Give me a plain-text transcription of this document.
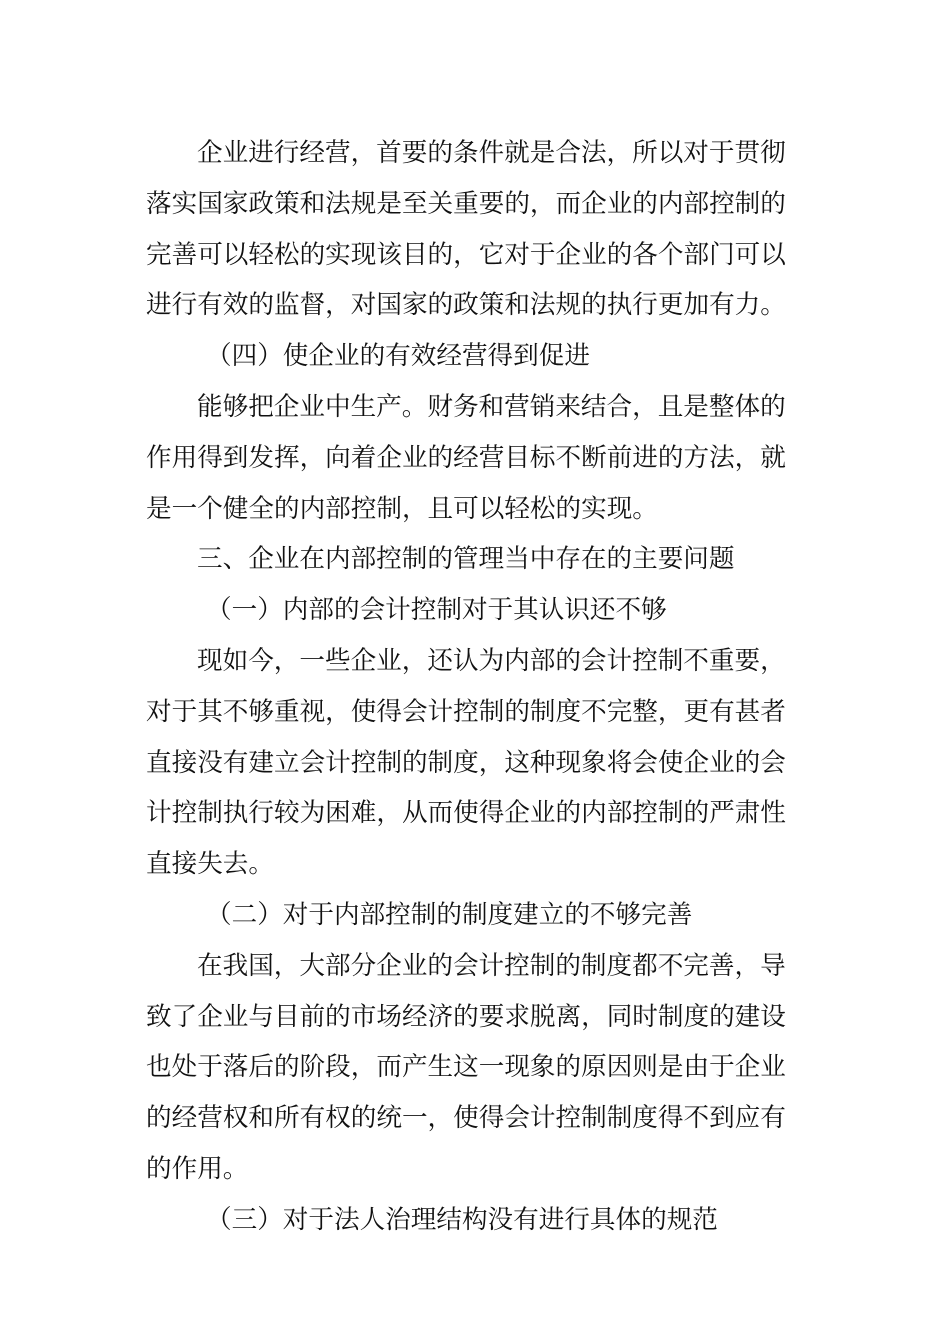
企业进行经营，首要的条件就是合法，所以对于贯彻
落实国家政策和法规是至关重要的，而企业的内部控制的
完善可以轻松的实现该目的，它对于企业的各个部门可以
进行有效的监督，对国家的政策和法规的执行更加有力。
（四）使企业的有效经营得到促进
能够把企业中生产。财务和营销来结合，且是整体的
作用得到发挥，向着企业的经营目标不断前进的方法，就
是一个健全的内部控制，且可以轻松的实现。
三、企业在内部控制的管理当中存在的主要问题
（一）内部的会计控制对于其认识还不够
现如今，一些企业，还认为内部的会计控制不重要，
对于其不够重视，使得会计控制的制度不完整，更有甚者
直接没有建立会计控制的制度，这种现象将会使企业的会
计控制执行较为困难，从而使得企业的内部控制的严肃性
直接失去。
（二）对于内部控制的制度建立的不够完善
在我国，大部分企业的会计控制的制度都不完善，导
致了企业与目前的市场经济的要求脱离，同时制度的建设
也处于落后的阶段，而产生这一现象的原因则是由于企业
的经营权和所有权的统一，使得会计控制制度得不到应有
的作用。
（三）对于法人治理结构没有进行具体的规范
